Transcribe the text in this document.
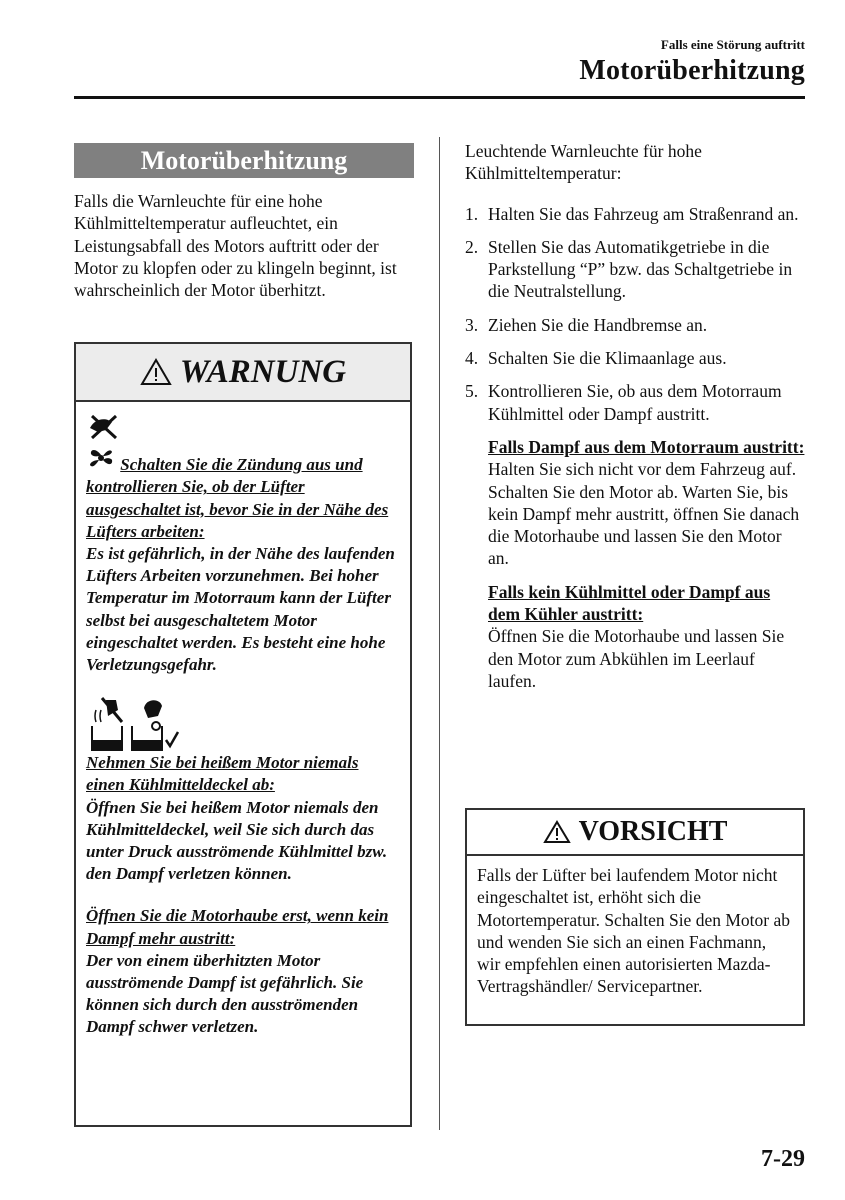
Falls eine Störung auftritt
Motorüberhitzung
Motorüberhitzung
Falls die Warnleuchte für eine hohe Kühlmitteltemperatur aufleuchtet, ein Leistungsabfall des Motors auftritt oder der Motor zu klopfen oder zu klingeln beginnt, ist wahrscheinlich der Motor überhitzt.
WARNUNG
Schalten Sie die Zündung aus und kontrollieren Sie, ob der Lüfter ausgeschaltet ist, bevor Sie in der Nähe des Lüfters arbeiten:
Es ist gefährlich, in der Nähe des laufenden Lüfters Arbeiten vorzunehmen. Bei hoher Temperatur im Motorraum kann der Lüfter selbst bei ausgeschaltetem Motor eingeschaltet werden. Es besteht eine hohe Verletzungsgefahr.
Nehmen Sie bei heißem Motor niemals einen Kühlmitteldeckel ab:
Öffnen Sie bei heißem Motor niemals den Kühlmitteldeckel, weil Sie sich durch das unter Druck ausströmende Kühlmittel bzw. den Dampf verletzen können.
Öffnen Sie die Motorhaube erst, wenn kein Dampf mehr austritt:
Der von einem überhitzten Motor ausströmende Dampf ist gefährlich. Sie können sich durch den ausströmenden Dampf schwer verletzen.
Leuchtende Warnleuchte für hohe Kühlmitteltemperatur:
1. Halten Sie das Fahrzeug am Straßenrand an.
2. Stellen Sie das Automatikgetriebe in die Parkstellung “P” bzw. das Schaltgetriebe in die Neutralstellung.
3. Ziehen Sie die Handbremse an.
4. Schalten Sie die Klimaanlage aus.
5. Kontrollieren Sie, ob aus dem Motorraum Kühlmittel oder Dampf austritt.
Falls Dampf aus dem Motorraum austritt:
Halten Sie sich nicht vor dem Fahrzeug auf. Schalten Sie den Motor ab. Warten Sie, bis kein Dampf mehr austritt, öffnen Sie danach die Motorhaube und lassen Sie den Motor an.
Falls kein Kühlmittel oder Dampf aus dem Kühler austritt:
Öffnen Sie die Motorhaube und lassen Sie den Motor zum Abkühlen im Leerlauf laufen.
VORSICHT
Falls der Lüfter bei laufendem Motor nicht eingeschaltet ist, erhöht sich die Motortemperatur. Schalten Sie den Motor ab und wenden Sie sich an einen Fachmann, wir empfehlen einen autorisierten Mazda-Vertragshändler/ Servicepartner.
7-29
